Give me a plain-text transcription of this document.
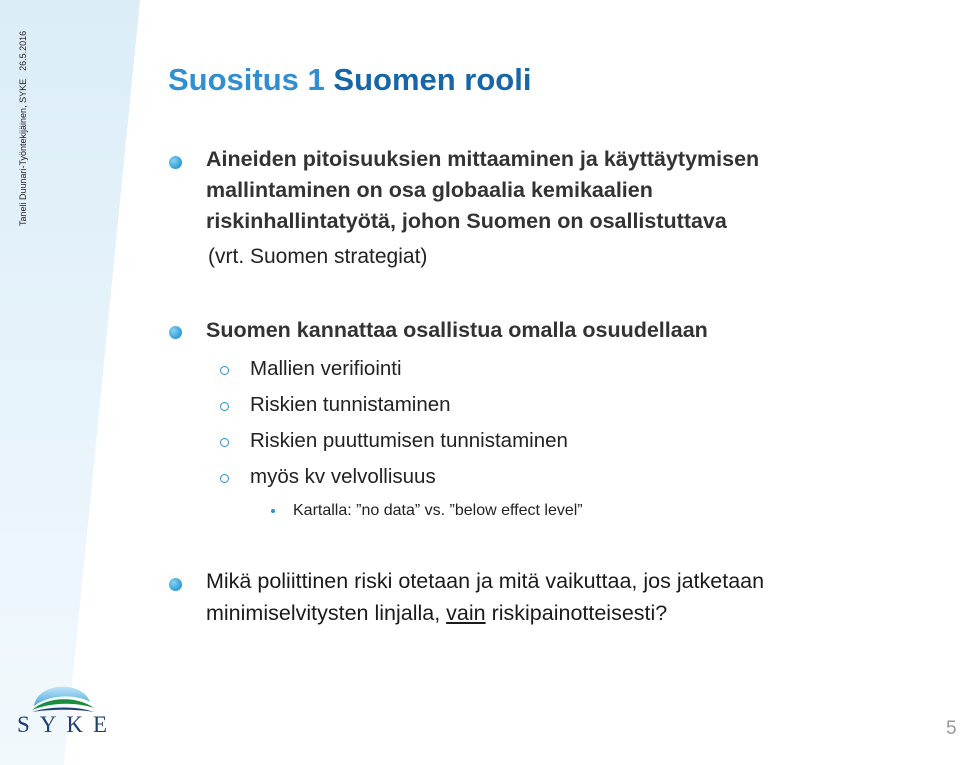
Taneli Duunari-Työntekijäinen, SYKE26.5.2016
Suositus 1 Suomen rooli

Aineiden pitoisuuksien mittaaminen ja käyttäytymisen

mallintaminen on osa globaalia kemikaalien

riskinhallintatyötä, johon Suomen on osallistuttava

(vrt. Suomen strategiat)

Suomen kannattaa osallistua omalla osuudellaan

Mallien verifiointi
Riskien tunnistaminen
Riskien puuttumisen tunnistaminen
myös kv velvollisuus
Kartalla: ”no data” vs. ”below effect level”

Mikä poliittinen riski otetaan ja mitä vaikuttaa, jos jatketaan

minimiselvitysten linjalla, vain riskipainotteisesti?

SYKE	5
